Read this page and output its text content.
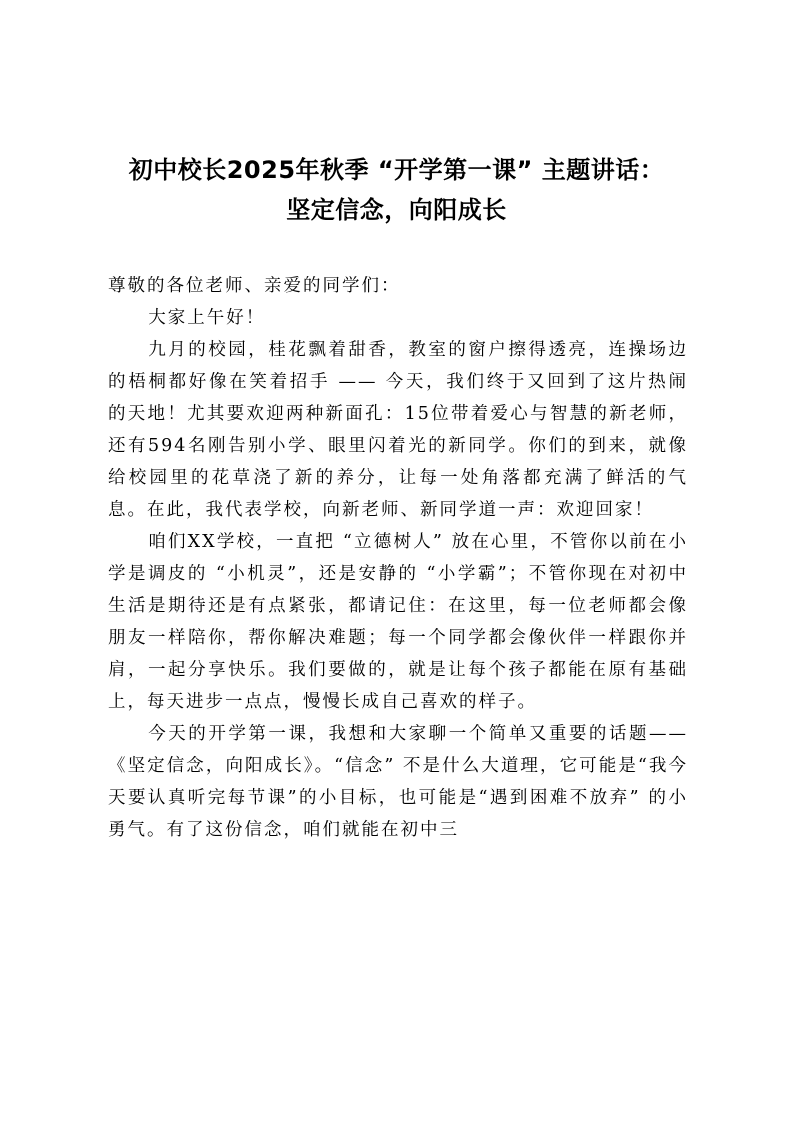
初中校长2025年秋季 “开学第一课” 主题讲话：
坚定信念，向阳成长

尊敬的各位老师、亲爱的同学们：

大家上午好！

九月的校园，桂花飘着甜香，教室的窗户擦得透亮，连操场边的梧桐都好像在笑着招手 —— 今天，我们终于又回到了这片热闹的天地！尤其要欢迎两种新面孔：15位带着爱心与智慧的新老师，还有594名刚告别小学、眼里闪着光的新同学。你们的到来，就像给校园里的花草浇了新的养分，让每一处角落都充满了鲜活的气息。在此，我代表学校，向新老师、新同学道一声：欢迎回家！

咱们XX学校，一直把 “立德树人” 放在心里，不管你以前在小学是调皮的 “小机灵”，还是安静的 “小学霸”；不管你现在对初中生活是期待还是有点紧张，都请记住：在这里，每一位老师都会像朋友一样陪你，帮你解决难题；每一个同学都会像伙伴一样跟你并肩，一起分享快乐。我们要做的，就是让每个孩子都能在原有基础上，每天进步一点点，慢慢长成自己喜欢的样子。

今天的开学第一课，我想和大家聊一个简单又重要的话题——《坚定信念，向阳成长》。“信念” 不是什么大道理，它可能是“我今天要认真听完每节课”的小目标，也可能是“遇到困难不放弃” 的小勇气。有了这份信念，咱们就能在初中三
